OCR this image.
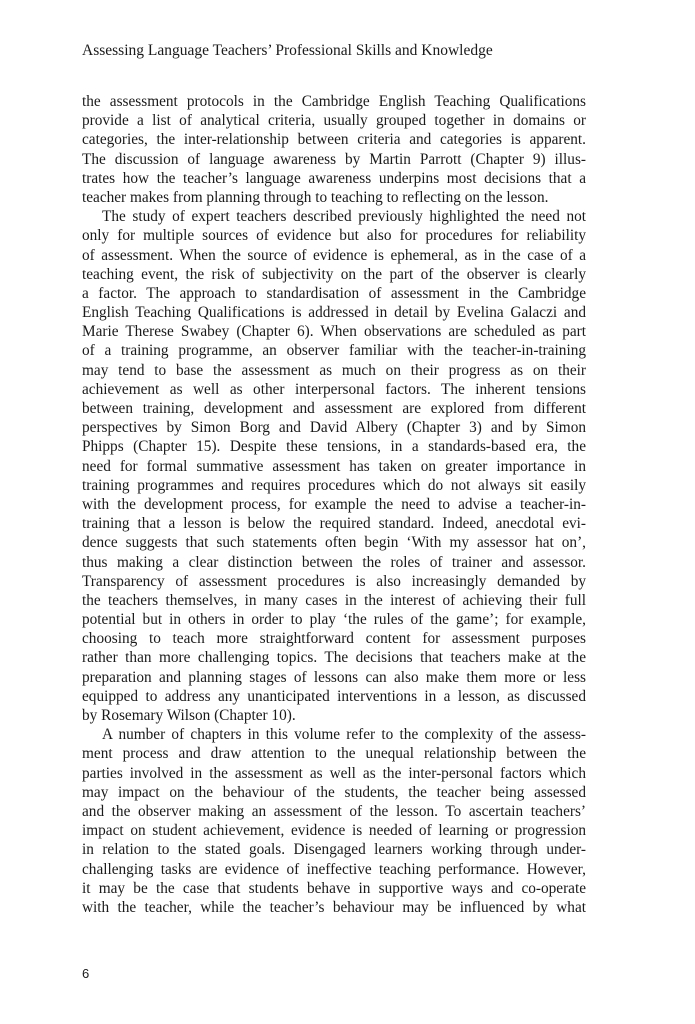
Assessing Language Teachers’ Professional Skills and Knowledge
the assessment protocols in the Cambridge English Teaching Qualifications
provide a list of analytical criteria, usually grouped together in domains or
categories, the inter-relationship between criteria and categories is apparent.
The discussion of language awareness by Martin Parrott (Chapter 9) illus-
trates how the teacher’s language awareness underpins most decisions that a
teacher makes from planning through to teaching to reflecting on the lesson.
The study of expert teachers described previously highlighted the need not
only for multiple sources of evidence but also for procedures for reliability
of assessment. When the source of evidence is ephemeral, as in the case of a
teaching event, the risk of subjectivity on the part of the observer is clearly
a factor. The approach to standardisation of assessment in the Cambridge
English Teaching Qualifications is addressed in detail by Evelina Galaczi and
Marie Therese Swabey (Chapter 6). When observations are scheduled as part
of a training programme, an observer familiar with the teacher-in-training
may tend to base the assessment as much on their progress as on their
achievement as well as other interpersonal factors. The inherent tensions
between training, development and assessment are explored from different
perspectives by Simon Borg and David Albery (Chapter 3) and by Simon
Phipps (Chapter 15). Despite these tensions, in a standards-based era, the
need for formal summative assessment has taken on greater importance in
training programmes and requires procedures which do not always sit easily
with the development process, for example the need to advise a teacher-in-
training that a lesson is below the required standard. Indeed, anecdotal evi-
dence suggests that such statements often begin ‘With my assessor hat on’,
thus making a clear distinction between the roles of trainer and assessor.
Transparency of assessment procedures is also increasingly demanded by
the teachers themselves, in many cases in the interest of achieving their full
potential but in others in order to play ‘the rules of the game’; for example,
choosing to teach more straightforward content for assessment purposes
rather than more challenging topics. The decisions that teachers make at the
preparation and planning stages of lessons can also make them more or less
equipped to address any unanticipated interventions in a lesson, as discussed
by Rosemary Wilson (Chapter 10).
A number of chapters in this volume refer to the complexity of the assess-
ment process and draw attention to the unequal relationship between the
parties involved in the assessment as well as the inter-personal factors which
may impact on the behaviour of the students, the teacher being assessed
and the observer making an assessment of the lesson. To ascertain teachers’
impact on student achievement, evidence is needed of learning or progression
in relation to the stated goals. Disengaged learners working through under-
challenging tasks are evidence of ineffective teaching performance. However,
it may be the case that students behave in supportive ways and co-operate
with the teacher, while the teacher’s behaviour may be influenced by what
6
